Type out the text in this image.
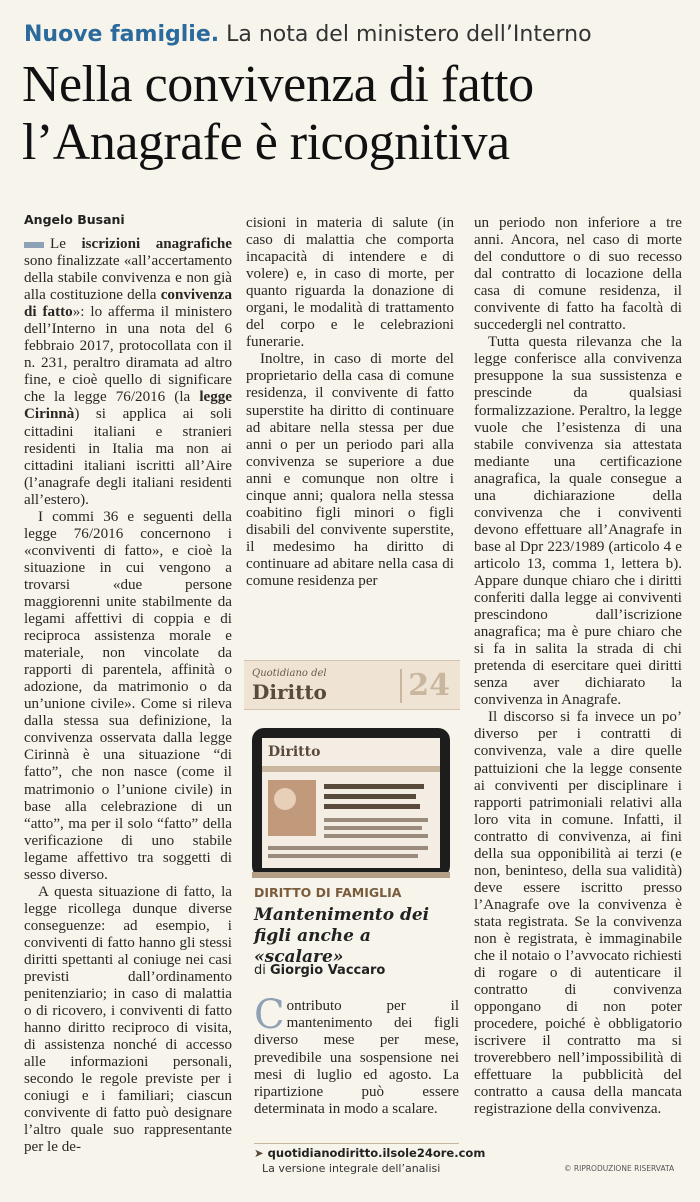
Nuove famiglie. La nota del ministero dell’Interno
Nella convivenza di fatto
l’Anagrafe è ricognitiva
Angelo Busani

Le iscrizioni anagrafiche sono finalizzate «all’accertamento della stabile convivenza e non già alla costituzione della convivenza di fatto»: lo afferma il ministero dell’Interno in una nota del 6 febbraio 2017, protocollata con il n. 231, peraltro diramata ad altro fine, e cioè quello di significare che la legge 76/2016 (la legge Cirinnà) si applica ai soli cittadini italiani e stranieri residenti in Italia ma non ai cittadini italiani iscritti all’Aire (l’anagrafe degli italiani residenti all’estero).

I commi 36 e seguenti della legge 76/2016 concernono i «conviventi di fatto», e cioè la situazione in cui vengono a trovarsi «due persone maggiorenni unite stabilmente da legami affettivi di coppia e di reciproca assistenza morale e materiale, non vincolate da rapporti di parentela, affinità o adozione, da matrimonio o da un’unione civile». Come si rileva dalla stessa sua definizione, la convivenza osservata dalla legge Cirinnà è una situazione “di fatto”, che non nasce (come il matrimonio o l’unione civile) in base alla celebrazione di un “atto”, ma per il solo “fatto” della verificazione di uno stabile legame affettivo tra soggetti di sesso diverso.

A questa situazione di fatto, la legge ricollega dunque diverse conseguenze: ad esempio, i conviventi di fatto hanno gli stessi diritti spettanti al coniuge nei casi previsti dall’ordinamento penitenziario; in caso di malattia o di ricovero, i conviventi di fatto hanno diritto reciproco di visita, di assistenza nonché di accesso alle informazioni personali, secondo le regole previste per i coniugi e i familiari; ciascun convivente di fatto può designare l’altro quale suo rappresentante per le de-

cisioni in materia di salute (in caso di malattia che comporta incapacità di intendere e di volere) e, in caso di morte, per quanto riguarda la donazione di organi, le modalità di trattamento del corpo e le celebrazioni funerarie.

Inoltre, in caso di morte del proprietario della casa di comune residenza, il convivente di fatto superstite ha diritto di continuare ad abitare nella stessa per due anni o per un periodo pari alla convivenza se superiore a due anni e comunque non oltre i cinque anni; qualora nella stessa coabitino figli minori o figli disabili del convivente superstite, il medesimo ha diritto di continuare ad abitare nella casa di comune residenza per

un periodo non inferiore a tre anni. Ancora, nel caso di morte del conduttore o di suo recesso dal contratto di locazione della casa di comune residenza, il convivente di fatto ha facoltà di succedergli nel contratto.

Tutta questa rilevanza che la legge conferisce alla convivenza presuppone la sua sussistenza e prescinde da qualsiasi formalizzazione. Peraltro, la legge vuole che l’esistenza di una stabile convivenza sia attestata mediante una certificazione anagrafica, la quale consegue a una dichiarazione della convivenza che i conviventi devono effettuare all’Anagrafe in base al Dpr 223/1989 (articolo 4 e articolo 13, comma 1, lettera b). Appare dunque chiaro che i diritti conferiti dalla legge ai conviventi prescindono dall’iscrizione anagrafica; ma è pure chiaro che si fa in salita la strada di chi pretenda di esercitare quei diritti senza aver dichiarato la convivenza in Anagrafe.

Il discorso si fa invece un po’ diverso per i contratti di convivenza, vale a dire quelle pattuizioni che la legge consente ai conviventi per disciplinare i rapporti patrimoniali relativi alla loro vita in comune. Infatti, il contratto di convivenza, ai fini della sua opponibilità ai terzi (e non, beninteso, della sua validità) deve essere iscritto presso l’Anagrafe ove la convivenza è stata registrata. Se la convivenza non è registrata, è immaginabile che il notaio o l’avvocato richiesti di rogare o di autenticare il contratto di convivenza oppongano di non poter procedere, poiché è obbligatorio iscrivere il contratto ma si troverebbero nell’impossibilità di effettuare la pubblicità del contratto a causa della mancata registrazione della convivenza.

Quotidiano del
Diritto	24
Diritto
DIRITTO DI FAMIGLIA
Mantenimento dei figli anche a «scalare»
di Giorgio Vaccaro
Contributo per il mantenimento dei figli diverso mese per mese, prevedibile una sospensione nei mesi di luglio ed agosto. La ripartizione può essere determinata in modo a scalare.
➤ quotidianodiritto.ilsole24ore.com
La versione integrale dell’analisi	© RIPRODUZIONE RISERVATA
